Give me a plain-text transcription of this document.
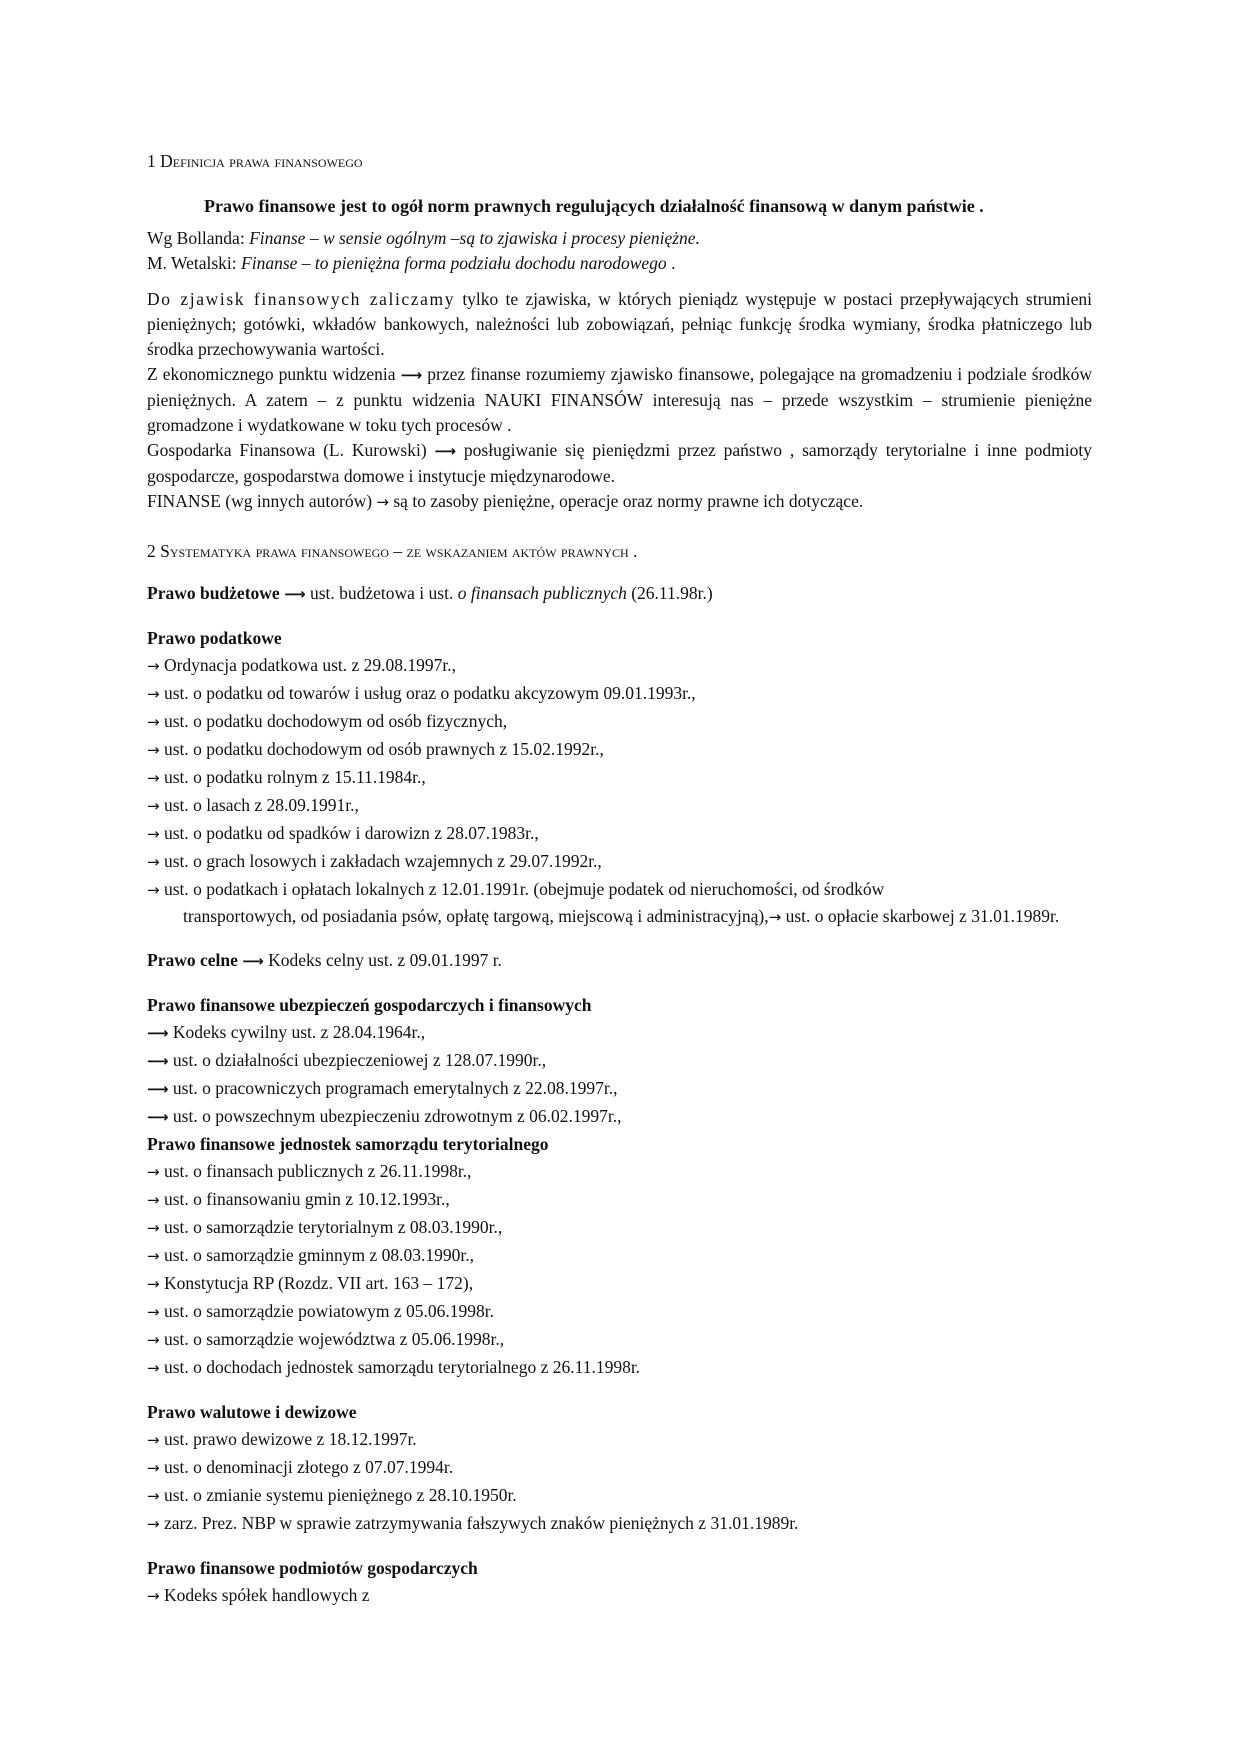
1 Definicja prawa finansowego

Prawo finansowe jest to ogół norm prawnych regulujących działalność finansową w danym państwie .

Wg Bollanda: Finanse – w sensie ogólnym –są to zjawiska i procesy pieniężne.

M. Wetalski: Finanse – to pieniężna forma podziału dochodu narodowego .

Do zjawisk finansowych zaliczamy tylko te zjawiska, w których pieniądz występuje w postaci przepływających strumieni pieniężnych; gotówki, wkładów bankowych, należności lub zobowiązań, pełniąc funkcję środka wymiany, środka płatniczego lub środka przechowywania wartości.

Z ekonomicznego punktu widzenia ⟶ przez finanse rozumiemy zjawisko finansowe, polegające na gromadzeniu i podziale środków pieniężnych. A zatem – z punktu widzenia NAUKI FINANSÓW interesują nas – przede wszystkim – strumienie pieniężne gromadzone i wydatkowane w toku tych procesów .

Gospodarka Finansowa (L. Kurowski) ⟶ posługiwanie się pieniędzmi przez państwo , samorządy terytorialne i inne podmioty gospodarcze, gospodarstwa domowe i instytucje międzynarodowe.

FINANSE (wg innych autorów) → są to zasoby pieniężne, operacje oraz normy prawne ich dotyczące.

2 Systematyka prawa finansowego – ze wskazaniem aktów prawnych .

Prawo budżetowe ⟶ ust. budżetowa i ust. o finansach publicznych (26.11.98r.)

Prawo podatkowe

→ Ordynacja podatkowa ust. z 29.08.1997r.,

→ ust. o podatku od towarów i usług oraz o podatku akcyzowym 09.01.1993r.,

→ ust. o podatku dochodowym od osób fizycznych,

→ ust. o podatku dochodowym od osób prawnych z 15.02.1992r.,

→ ust. o podatku rolnym z 15.11.1984r.,

→ ust. o lasach z 28.09.1991r.,

→ ust. o podatku od spadków i darowizn z 28.07.1983r.,

→ ust. o grach losowych i zakładach wzajemnych z 29.07.1992r.,

→ ust. o podatkach i opłatach lokalnych z 12.01.1991r. (obejmuje podatek od nieruchomości, od środków

transportowych, od posiadania psów, opłatę targową, miejscową i administracyjną),→ ust. o opłacie skarbowej z 31.01.1989r.

Prawo celne ⟶ Kodeks celny ust. z 09.01.1997 r.

Prawo finansowe ubezpieczeń gospodarczych i finansowych

⟶ Kodeks cywilny ust. z 28.04.1964r.,

⟶ ust. o działalności ubezpieczeniowej z 128.07.1990r.,

⟶ ust. o pracowniczych programach emerytalnych z 22.08.1997r.,

⟶ ust. o powszechnym ubezpieczeniu zdrowotnym z 06.02.1997r.,

Prawo finansowe jednostek samorządu terytorialnego

→ ust. o finansach publicznych z 26.11.1998r.,

→ ust. o finansowaniu gmin z 10.12.1993r.,

→ ust. o samorządzie terytorialnym z 08.03.1990r.,

→ ust. o samorządzie gminnym z 08.03.1990r.,

→ Konstytucja RP (Rozdz. VII art. 163 – 172),

→ ust. o samorządzie powiatowym z 05.06.1998r.

→ ust. o samorządzie województwa z 05.06.1998r.,

→ ust. o dochodach jednostek samorządu terytorialnego z 26.11.1998r.

Prawo walutowe i dewizowe

→ ust. prawo dewizowe z 18.12.1997r.

→ ust. o denominacji złotego z 07.07.1994r.

→ ust. o zmianie systemu pieniężnego z 28.10.1950r.

→ zarz. Prez. NBP w sprawie zatrzymywania fałszywych znaków pieniężnych z 31.01.1989r.

Prawo finansowe podmiotów gospodarczych

→ Kodeks spółek handlowych z
